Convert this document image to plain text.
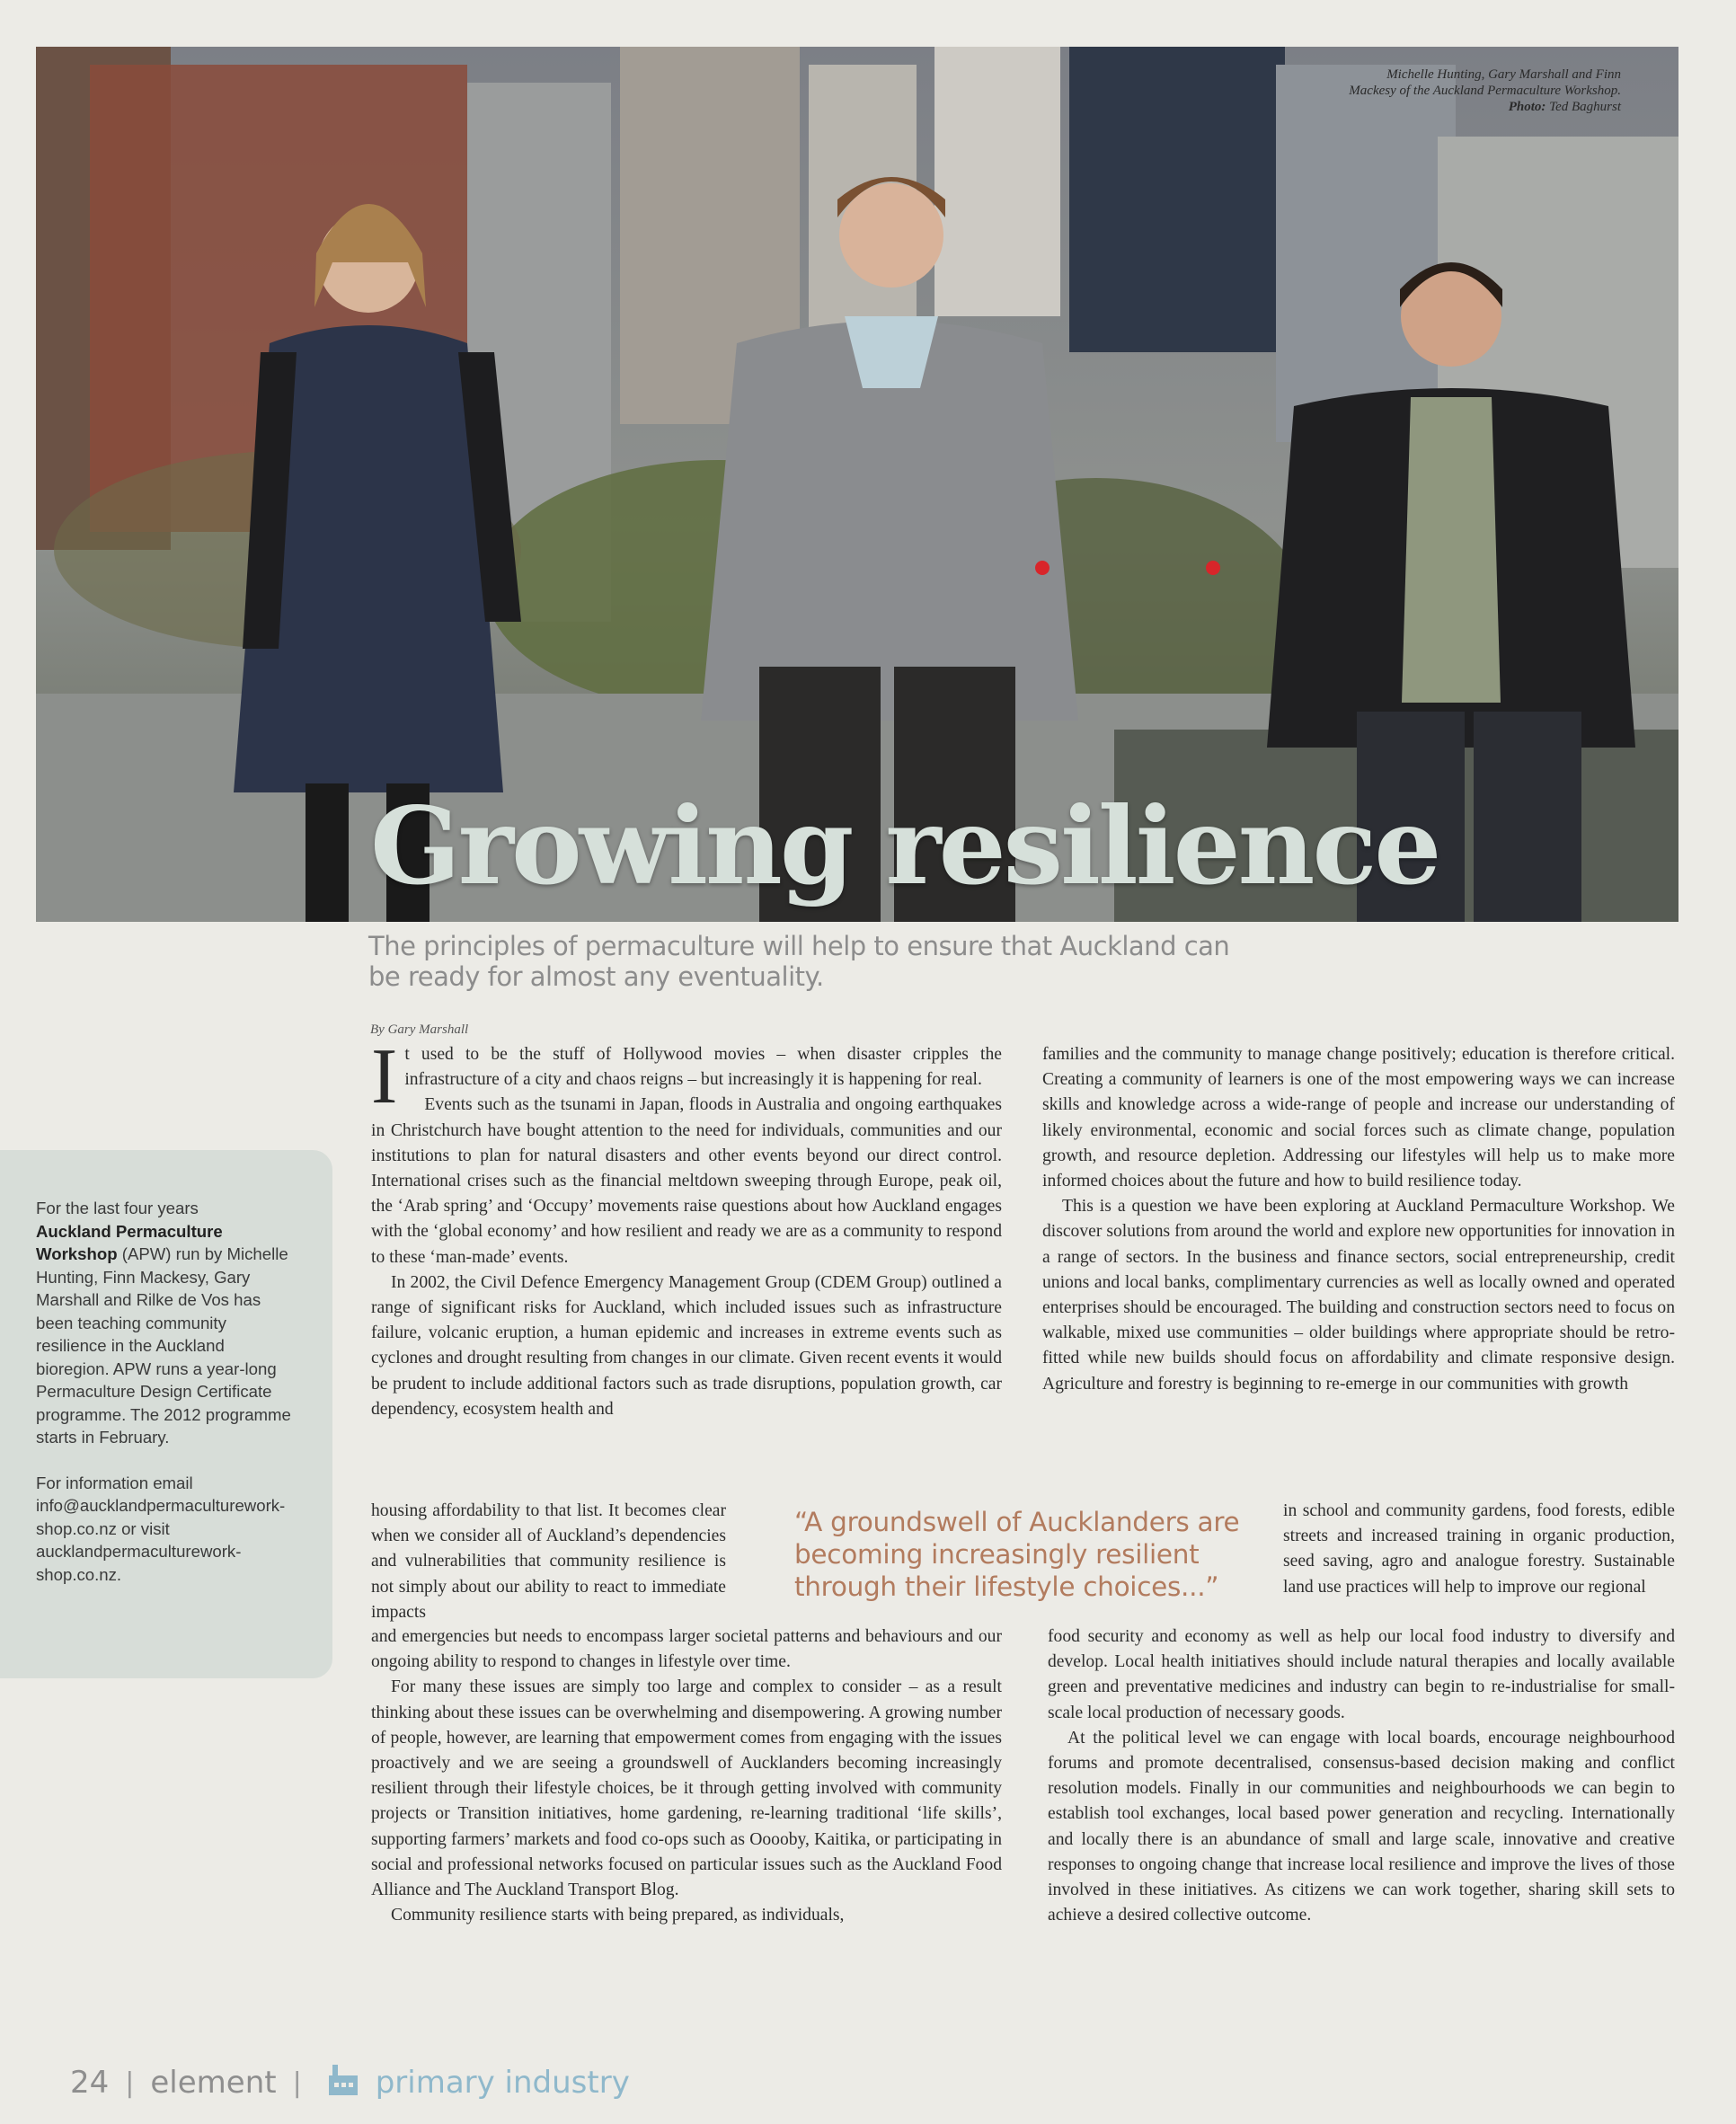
Michelle Hunting, Gary Marshall and Finn
Mackesy of the Auckland Permaculture Workshop.
Photo: Ted Baghurst
Growing resilience
The principles of permaculture will help to ensure that Auckland can be ready for almost any eventuality.
By Gary Marshall

For the last four years
Auckland Permaculture Workshop (APW) run by Michelle Hunting, Finn Mackesy, Gary Marshall and Rilke de Vos has been teaching community resilience in the Auckland bioregion. APW runs a year-long Permaculture Design Certificate programme. The 2012 programme starts in February.

For information email info@aucklandpermaculturework-shop.co.nz or visit aucklandpermaculturework-shop.co.nz.

It used to be the stuff of Hollywood movies – when disaster cripples the infrastructure of a city and chaos reigns – but increasingly it is happening for real.

Events such as the tsunami in Japan, floods in Australia and ongoing earthquakes in Christchurch have bought attention to the need for individuals, communities and our institutions to plan for natural disasters and other events beyond our direct control. International crises such as the financial meltdown sweeping through Europe, peak oil, the ‘Arab spring’ and ‘Occupy’ movements raise questions about how Auckland engages with the ‘global economy’ and how resilient and ready we are as a community to respond to these ‘man-made’ events.

In 2002, the Civil Defence Emergency Management Group (CDEM Group) outlined a range of significant risks for Auckland, which included issues such as infrastructure failure, volcanic eruption, a human epidemic and increases in extreme events such as cyclones and drought resulting from changes in our climate. Given recent events it would be prudent to include additional factors such as trade disruptions, population growth, car dependency, ecosystem health and

housing affordability to that list. It becomes clear when we consider all of Auckland’s dependencies and vulnerabilities that community resilience is not simply about our ability to react to immediate impacts

and emergencies but needs to encompass larger societal patterns and behaviours and our ongoing ability to respond to changes in lifestyle over time.

For many these issues are simply too large and complex to consider – as a result thinking about these issues can be overwhelming and disempowering. A growing number of people, however, are learning that empowerment comes from engaging with the issues proactively and we are seeing a groundswell of Aucklanders becoming increasingly resilient through their lifestyle choices, be it through getting involved with community projects or Transition initiatives, home gardening, re-learning traditional ‘life skills’, supporting farmers’ markets and food co-ops such as Ooooby, Kaitika, or participating in social and professional networks focused on particular issues such as the Auckland Food Alliance and The Auckland Transport Blog.

Community resilience starts with being prepared, as individuals,

“A groundswell of Aucklanders are becoming increasingly resilient through their lifestyle choices...”

families and the community to manage change positively; education is therefore critical. Creating a community of learners is one of the most empowering ways we can increase skills and knowledge across a wide-range of people and increase our understanding of likely environmental, economic and social forces such as climate change, population growth, and resource depletion. Addressing our lifestyles will help us to make more informed choices about the future and how to build resilience today.

This is a question we have been exploring at Auckland Permaculture Workshop. We discover solutions from around the world and explore new opportunities for innovation in a range of sectors. In the business and finance sectors, social entrepreneurship, credit unions and local banks, complimentary currencies as well as locally owned and operated enterprises should be encouraged. The building and construction sectors need to focus on walkable, mixed use communities – older buildings where appropriate should be retro-fitted while new builds should focus on affordability and climate responsive design. Agriculture and forestry is beginning to re-emerge in our communities with growth

in school and community gardens, food forests, edible streets and increased training in organic production, seed saving, agro and analogue forestry. Sustainable land use practices will help to improve our regional

food security and economy as well as help our local food industry to diversify and develop. Local health initiatives should include natural therapies and locally available green and preventative medicines and industry can begin to re-industrialise for small-scale local production of necessary goods.

At the political level we can engage with local boards, encourage neighbourhood forums and promote decentralised, consensus-based decision making and conflict resolution models. Finally in our communities and neighbourhoods we can begin to establish tool exchanges, local based power generation and recycling. Internationally and locally there is an abundance of small and large scale, innovative and creative responses to ongoing change that increase local resilience and improve the lives of those involved in these initiatives. As citizens we can work together, sharing skill sets to achieve a desired collective outcome.

24 | element | primary industry
